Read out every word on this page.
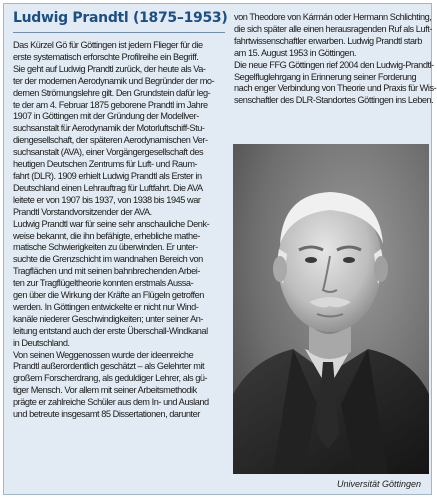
Ludwig Prandtl (1875–1953)

Das Kürzel Gö für Göttingen ist jedem Flieger für die

erste systematisch erforschte Profilreihe ein Begriff.

Sie geht auf Ludwig Prandtl zurück, der heute als Va-

ter der modernen Aerodynamik und Begründer der mo-

dernen Strömungslehre gilt. Den Grundstein dafür leg-

te der am 4. Februar 1875 geborene Prandtl im Jahre

1907 in Göttingen mit der Gründung der Modellver-

suchsanstalt für Aerodynamik der Motorluftschiff-Stu-

diengesellschaft, der späteren Aerodynamischen Ver-

suchsanstalt (AVA), einer Vorgängergesellschaft des

heutigen Deutschen Zentrums für Luft- und Raum-

fahrt (DLR). 1909 erhielt Ludwig Prandtl als Erster in

Deutschland einen Lehrauftrag für Luftfahrt. Die AVA

leitete er von 1907 bis 1937, von 1938 bis 1945 war

Prandtl Vorstandvorsitzender der AVA.

Ludwig Prandtl war für seine sehr anschauliche Denk-

weise bekannt, die ihn befähigte, erhebliche mathe-

matische Schwierigkeiten zu überwinden. Er unter-

suchte die Grenzschicht im wandnahen Bereich von

Tragflächen und mit seinen bahnbrechenden Arbei-

ten zur Tragflügeltheorie konnten erstmals Aussa-

gen über die Wirkung der Kräfte an Flügeln getroffen

werden. In Göttingen entwickelte er nicht nur Wind-

kanäle niederer Geschwindigkeiten; unter seiner An-

leitung entstand auch der erste Überschall-Windkanal

in Deutschland.

Von seinen Weggenossen wurde der ideenreiche

Prandtl außerordentlich geschätzt – als Gelehrter mit

großem Forscherdrang, als geduldiger Lehrer, als gü-

tiger Mensch. Vor allem mit seiner Arbeitsmethodik

prägte er zahlreiche Schüler aus dem In- und Ausland

und betreute insgesamt 85 Dissertationen, darunter

von Theodore von Kármán oder Hermann Schlichting,

die sich später alle einen herausragenden Ruf als Luft-

fahrtwissenschaftler erwarben. Ludwig Prandtl starb

am 15. August 1953 in Göttingen.

Die neue FFG Göttingen rief 2004 den Ludwig-Prandtl-

Segelfluglehrgang in Erinnerung seiner Forderung

nach enger Verbindung von Theorie und Praxis für Wis-

senschaftler des DLR-Standortes Göttingen ins Leben.

Universität Göttingen
